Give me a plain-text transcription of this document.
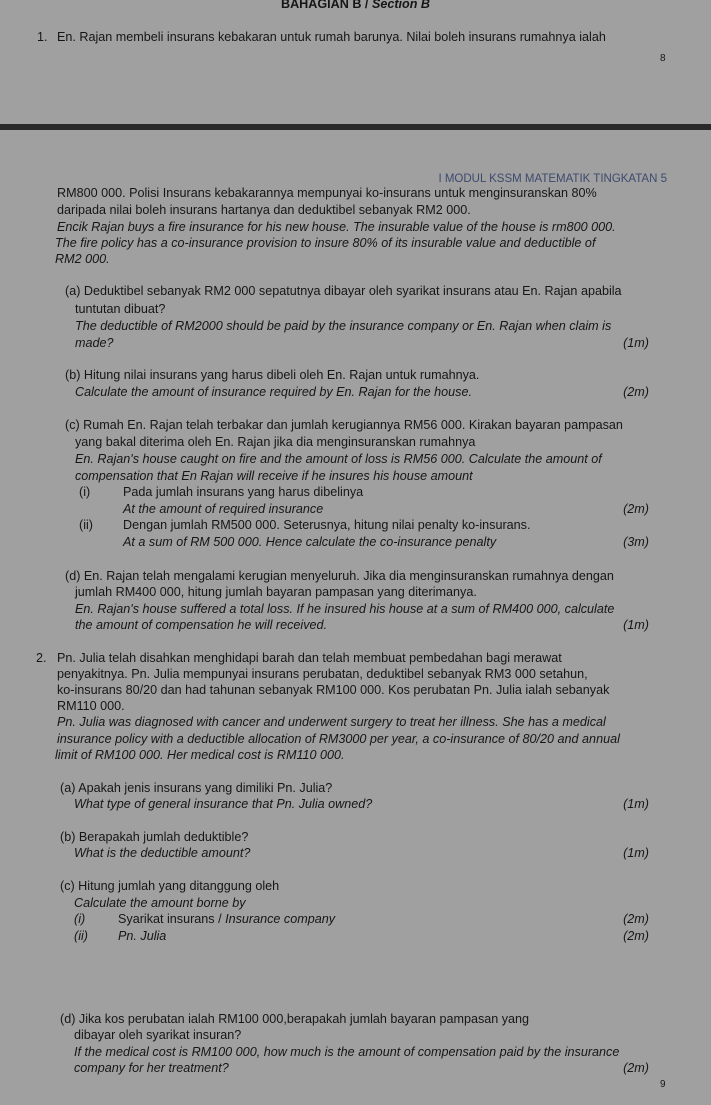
BAHAGIAN B / Section B
1. En. Rajan membeli insurans kebakaran untuk rumah barunya. Nilai boleh insurans rumahnya ialah
8
I MODUL KSSM MATEMATIK TINGKATAN 5
RM800 000. Polisi Insurans kebakarannya mempunyai ko-insurans untuk menginsuranskan 80%
daripada nilai boleh insurans hartanya dan deduktibel sebanyak RM2 000.
Encik Rajan buys a fire insurance for his new house. The insurable value of the house is rm800 000.
The fire policy has a co-insurance provision to insure 80% of its insurable value and deductible of
RM2 000.
(a) Deduktibel sebanyak RM2 000 sepatutnya dibayar oleh syarikat insurans atau En. Rajan apabila
tuntutan dibuat?
The deductible of RM2000 should be paid by the insurance company or En. Rajan when claim is
made?	(1m)
(b) Hitung nilai insurans yang harus dibeli oleh En. Rajan untuk rumahnya.
Calculate the amount of insurance required by En. Rajan for the house.	(2m)
(c) Rumah En. Rajan telah terbakar dan jumlah kerugiannya RM56 000. Kirakan bayaran pampasan
yang bakal diterima oleh En. Rajan jika dia menginsuranskan rumahnya
En. Rajan's house caught on fire and the amount of loss is RM56 000. Calculate the amount of
compensation that En Rajan will receive if he insures his house amount
(i)	Pada jumlah insurans yang harus dibelinya
At the amount of required insurance	(2m)
(ii) Dengan jumlah RM500 000. Seterusnya, hitung nilai penalty ko-insurans.
At a sum of RM 500 000. Hence calculate the co-insurance penalty	(3m)
(d) En. Rajan telah mengalami kerugian menyeluruh. Jika dia menginsuranskan rumahnya dengan
jumlah RM400 000, hitung jumlah bayaran pampasan yang diterimanya.
En. Rajan's house suffered a total loss. If he insured his house at a sum of RM400 000, calculate
the amount of compensation he will received.	(1m)
2. Pn. Julia telah disahkan menghidapi barah dan telah membuat pembedahan bagi merawat
penyakitnya. Pn. Julia mempunyai insurans perubatan, deduktibel sebanyak RM3 000 setahun,
ko-insurans 80/20 dan had tahunan sebanyak RM100 000. Kos perubatan Pn. Julia ialah sebanyak
RM110 000.
Pn. Julia was diagnosed with cancer and underwent surgery to treat her illness. She has a medical
insurance policy with a deductible allocation of RM3000 per year, a co-insurance of 80/20 and annual
limit of RM100 000. Her medical cost is RM110 000.
(a) Apakah jenis insurans yang dimiliki Pn. Julia?
What type of general insurance that Pn. Julia owned?	(1m)
(b) Berapakah jumlah deduktible?
What is the deductible amount?	(1m)
(c) Hitung jumlah yang ditanggung oleh
Calculate the amount borne by
(i)	Syarikat insurans / Insurance company	(2m)
(ii) Pn. Julia	(2m)
(d) Jika kos perubatan ialah RM100 000,berapakah jumlah bayaran pampasan yang
dibayar oleh syarikat insuran?
If the medical cost is RM100 000, how much is the amount of compensation paid by the insurance
company for her treatment?	(2m)
9
